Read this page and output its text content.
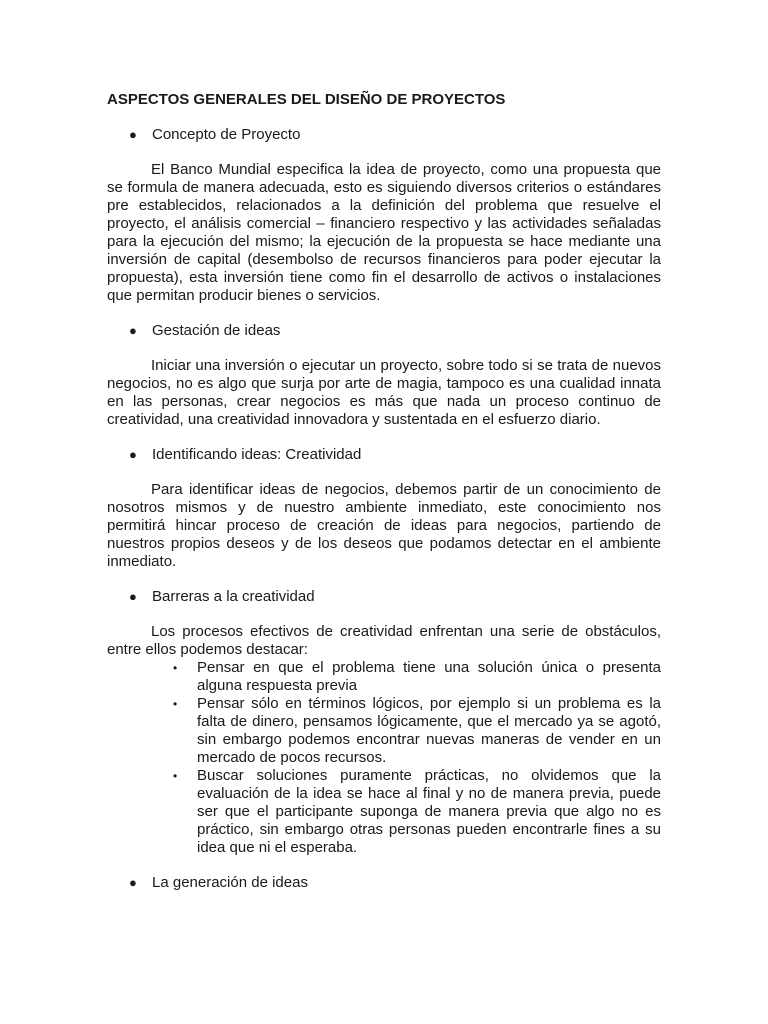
ASPECTOS GENERALES DEL DISEÑO DE PROYECTOS
●	Concepto de Proyecto

El Banco Mundial especifica la idea de proyecto, como una propuesta que se formula de manera adecuada, esto es siguiendo diversos criterios o estándares pre establecidos, relacionados a la definición del problema que resuelve el proyecto, el análisis comercial – financiero respectivo y las actividades señaladas para la ejecución del mismo; la ejecución de la propuesta se hace mediante una inversión de capital (desembolso de recursos financieros para poder ejecutar la propuesta), esta inversión tiene como fin el desarrollo de activos o instalaciones que permitan producir bienes o servicios.

●	Gestación de ideas

Iniciar una inversión o ejecutar un proyecto, sobre todo si se trata de nuevos negocios, no es algo que surja por arte de magia, tampoco es una cualidad innata en las personas, crear negocios es más que nada un proceso continuo de creatividad, una creatividad innovadora y sustentada en el esfuerzo diario.

●	Identificando ideas: Creatividad

Para identificar ideas de negocios, debemos partir de un conocimiento de nosotros mismos y de nuestro ambiente inmediato, este conocimiento nos permitirá hincar proceso de creación de ideas para negocios, partiendo de nuestros propios deseos y de los deseos que podamos detectar en el ambiente inmediato.

●	Barreras a la creatividad

Los procesos efectivos de creatividad enfrentan una serie de obstáculos, entre ellos podemos destacar:

•	Pensar en que el problema tiene una solución única o presenta alguna respuesta previa
•	Pensar sólo en términos lógicos, por ejemplo si un problema es la falta de dinero, pensamos lógicamente, que el mercado ya se agotó, sin embargo podemos encontrar nuevas maneras de vender en un mercado de pocos recursos.
•	Buscar soluciones puramente prácticas, no olvidemos que la evaluación de la idea se hace al final y no de manera previa, puede ser que el participante suponga de manera previa que algo no es práctico, sin embargo otras personas pueden encontrarle fines a su idea que ni el esperaba.
●	La generación de ideas
